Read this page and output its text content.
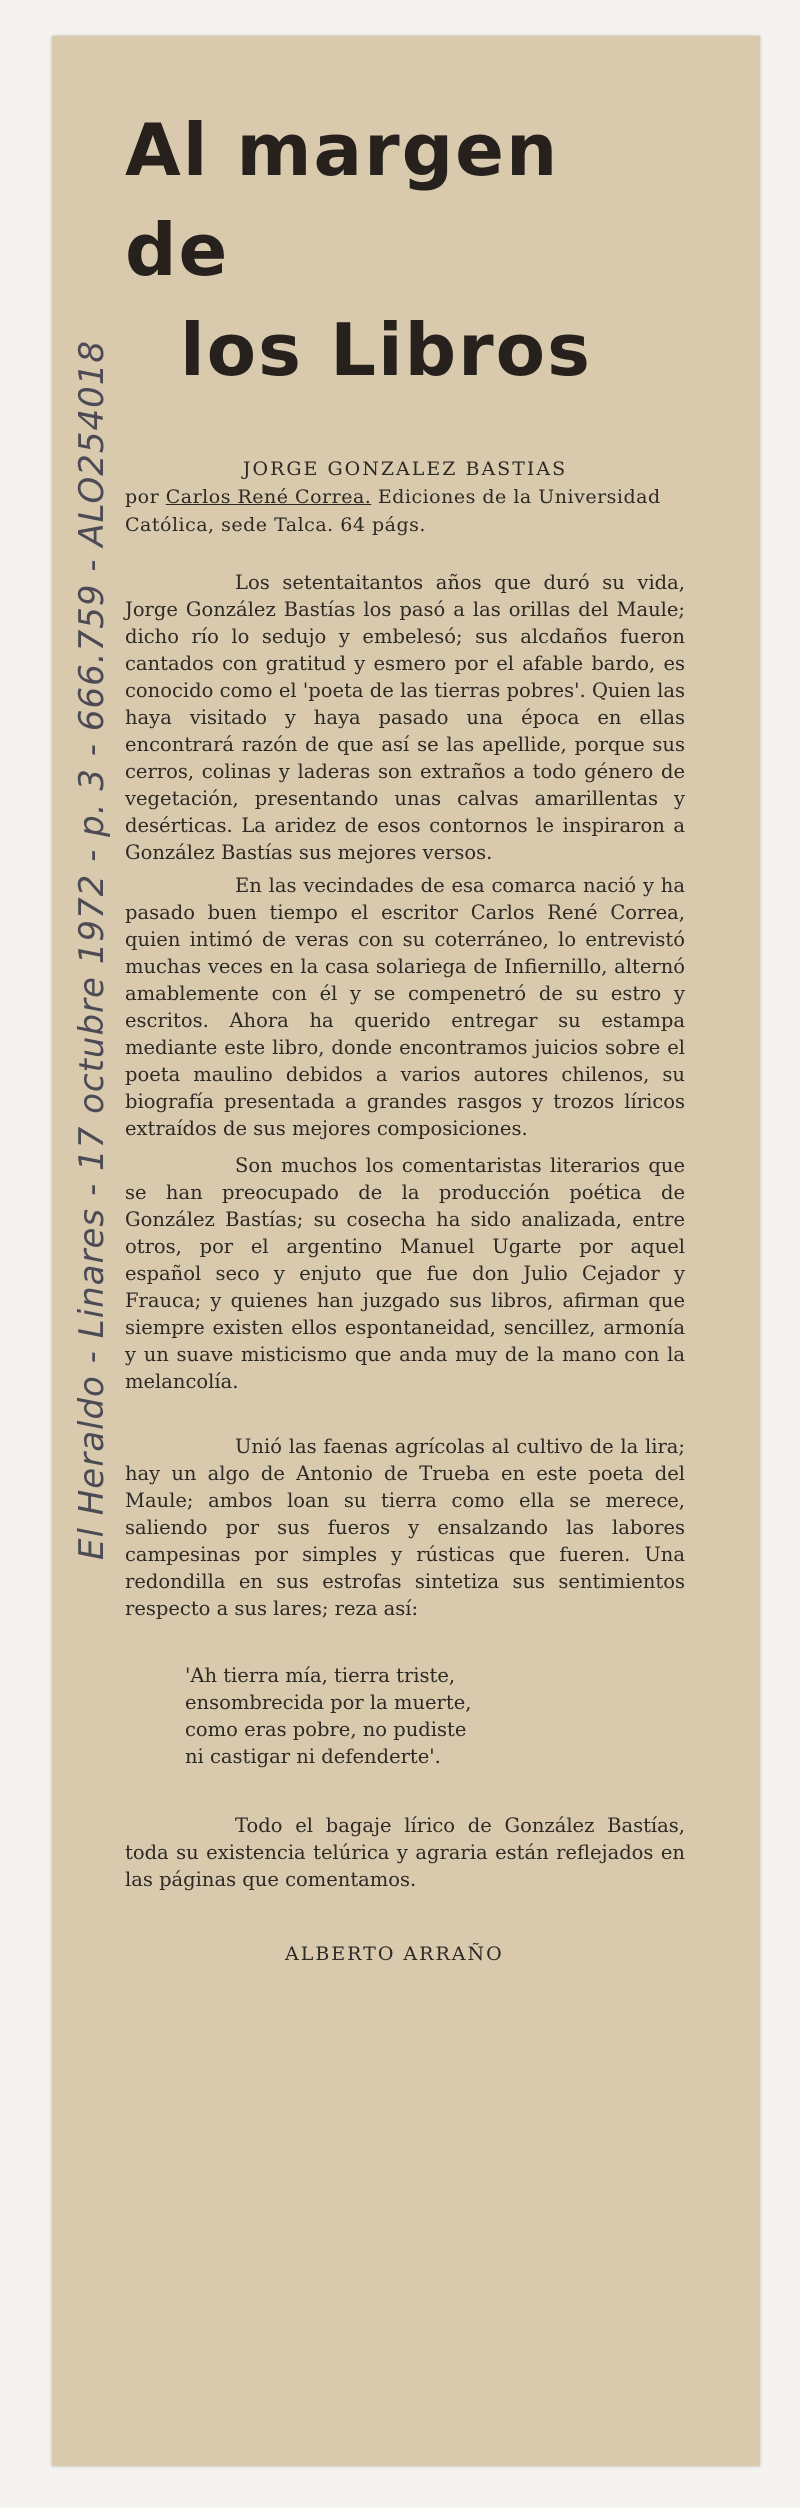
El Heraldo - Linares - 17 octubre 1972 - p. 3 - 666.759 - ALO254018
Al margen de
los Libros
JORGE GONZALEZ BASTIAS
por Carlos René Correa. Ediciones de la Universidad Católica, sede Talca. 64 págs.

Los setentaitantos años que duró su vida, Jorge González Bastías los pasó a las orillas del Maule; dicho río lo sedujo y embelesó; sus alcdaños fueron cantados con gratitud y esmero por el afable bardo, es conocido como el 'poeta de las tierras pobres'. Quien las haya visitado y haya pasado una época en ellas encontrará razón de que así se las apellide, porque sus cerros, colinas y laderas son extraños a todo género de vegetación, presentando unas calvas amarillentas y desérticas. La aridez de esos contornos le inspiraron a González Bastías sus mejores versos.

En las vecindades de esa comarca nació y ha pasado buen tiempo el escritor Carlos René Correa, quien intimó de veras con su coterráneo, lo entrevistó muchas veces en la casa solariega de Infiernillo, alternó amablemente con él y se compenetró de su estro y escritos. Ahora ha querido entregar su estampa mediante este libro, donde encontramos juicios sobre el poeta maulino debidos a varios autores chilenos, su biografía presentada a grandes rasgos y trozos líricos extraídos de sus mejores composiciones.

Son muchos los comentaristas literarios que se han preocupado de la producción poética de González Bastías; su cosecha ha sido analizada, entre otros, por el argentino Manuel Ugarte por aquel español seco y enjuto que fue don Julio Cejador y Frauca; y quienes han juzgado sus libros, afirman que siempre existen ellos espontaneidad, sencillez, armonía y un suave misticismo que anda muy de la mano con la melancolía.

Unió las faenas agrícolas al cultivo de la lira; hay un algo de Antonio de Trueba en este poeta del Maule; ambos loan su tierra como ella se merece, saliendo por sus fueros y ensalzando las labores campesinas por simples y rústicas que fueren. Una redondilla en sus estrofas sintetiza sus sentimientos respecto a sus lares; reza así:

'Ah tierra mía, tierra triste,
ensombrecida por la muerte,
como eras pobre, no pudiste
ni castigar ni defenderte'.

Todo el bagaje lírico de González Bastías, toda su existencia telúrica y agraria están reflejados en las páginas que comentamos.

ALBERTO ARRAÑO
